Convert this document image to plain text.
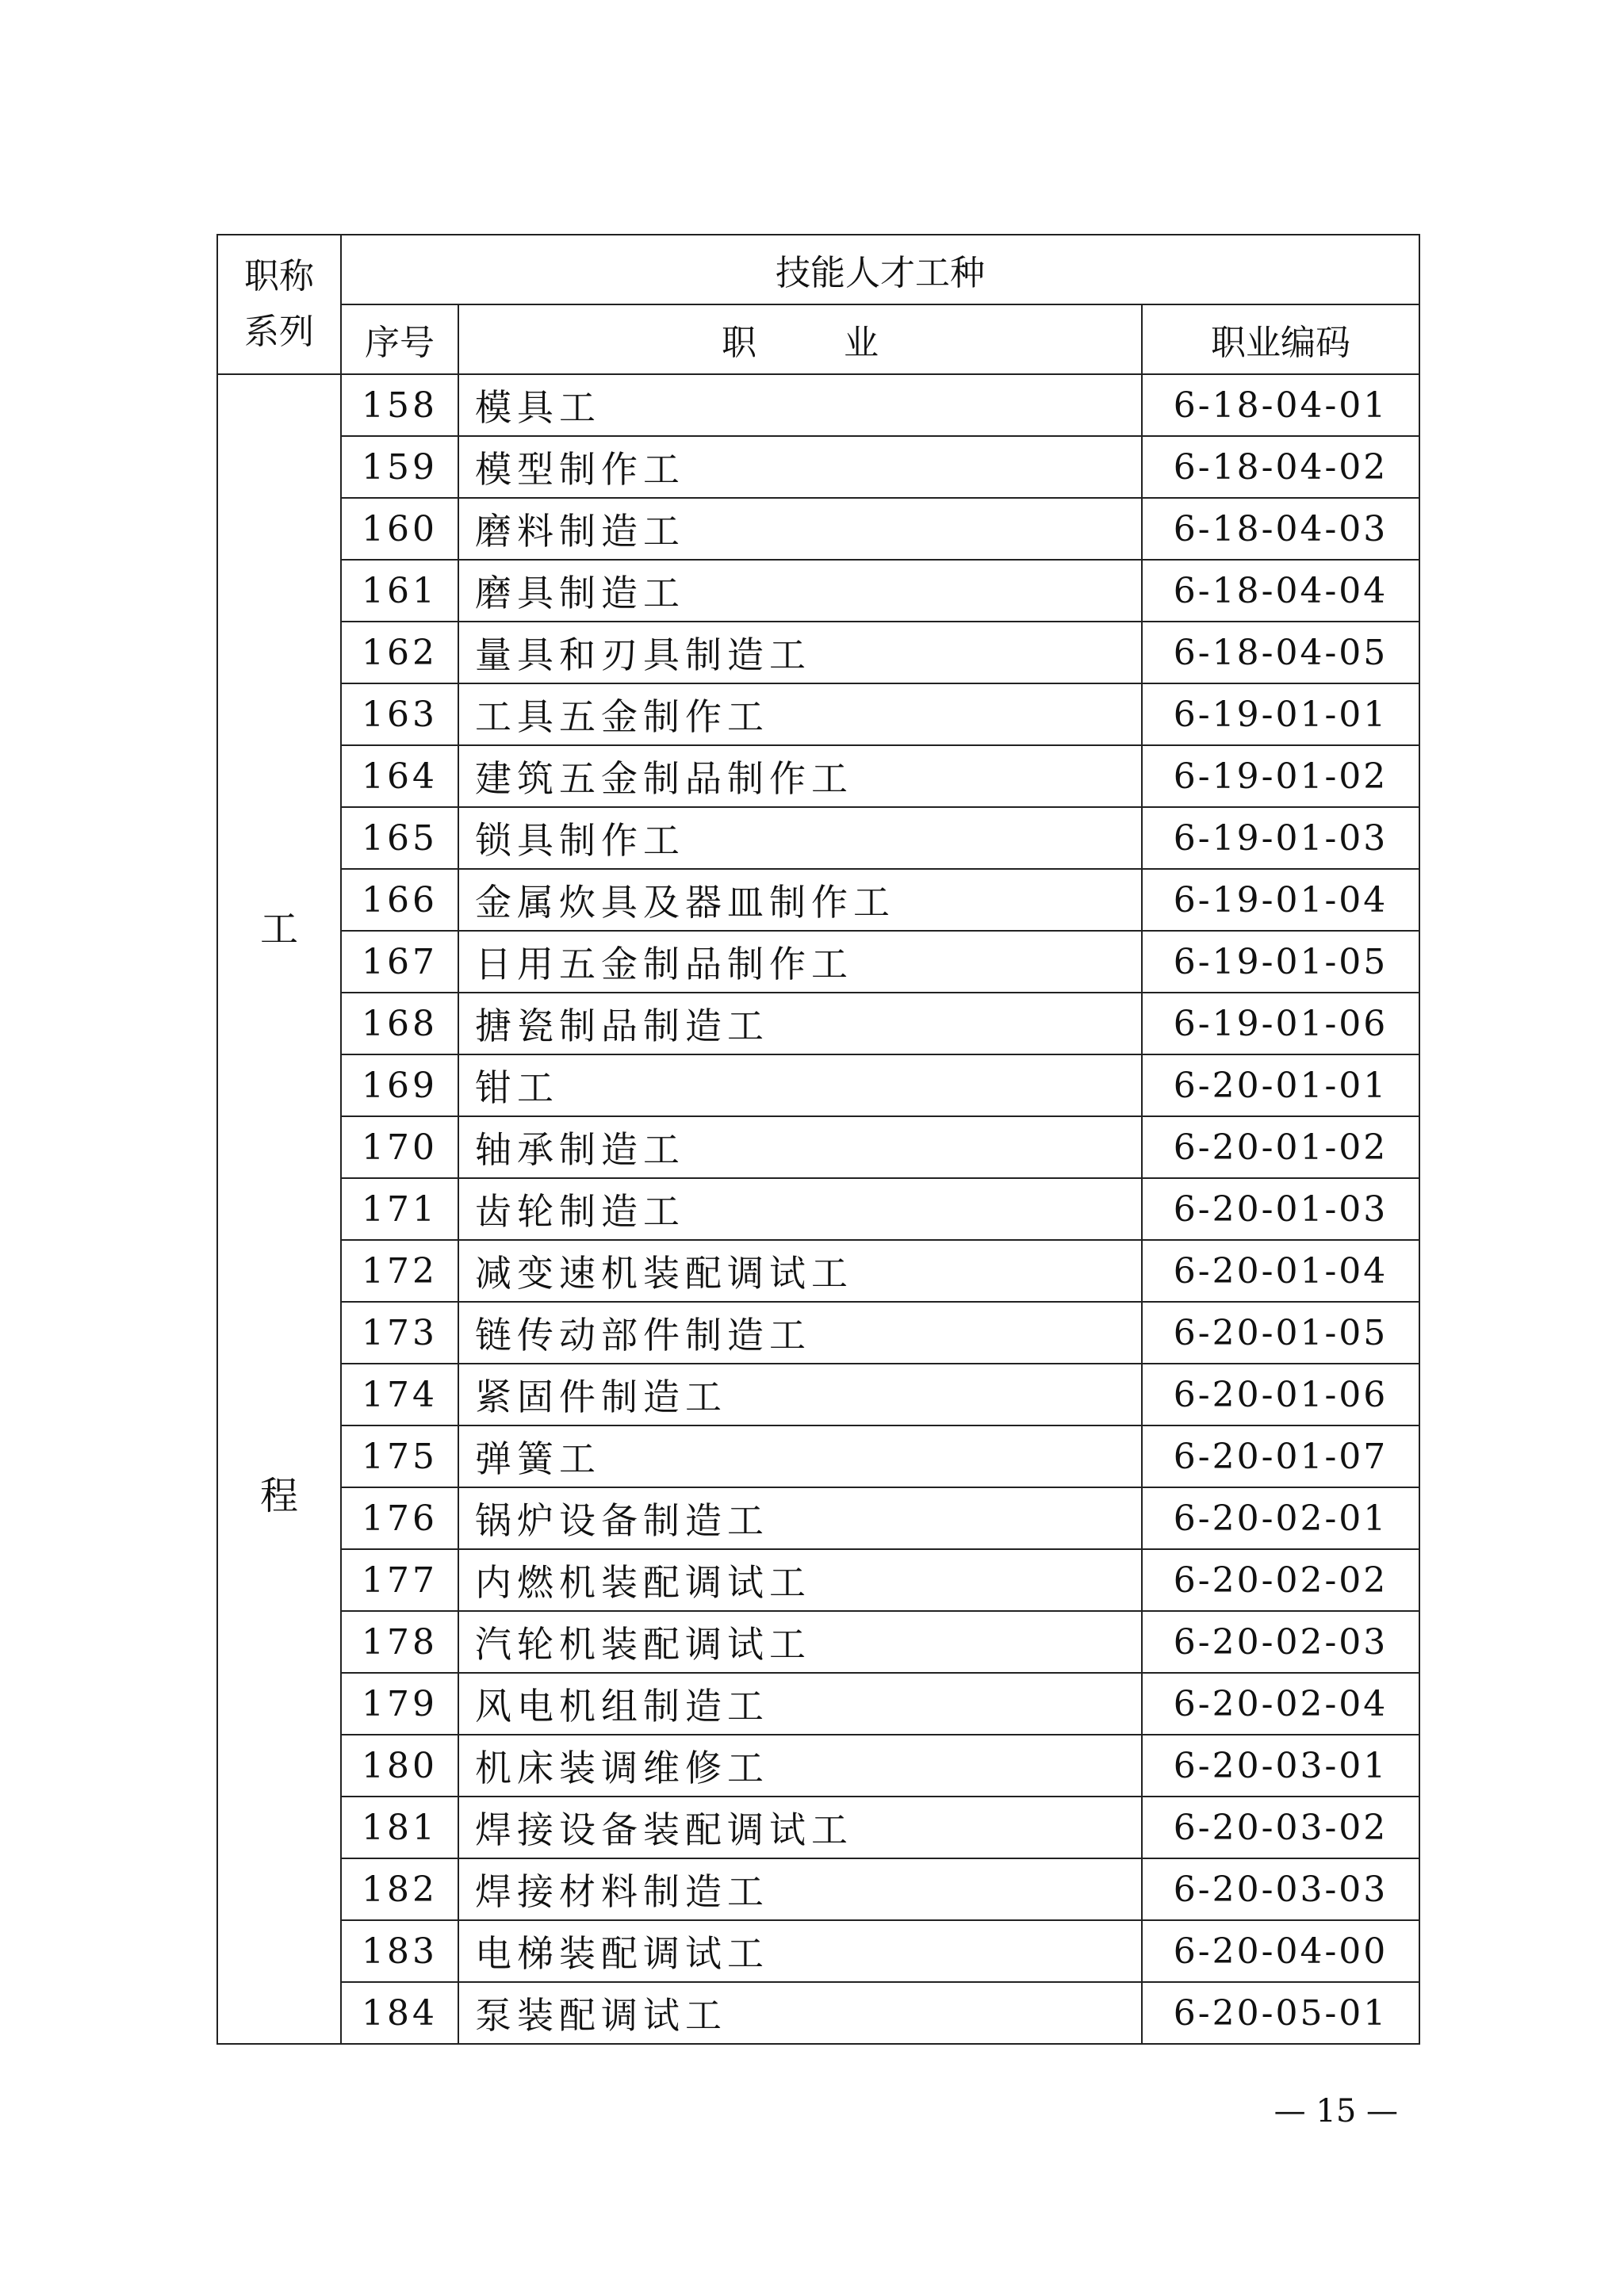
职称
系列	技能人才工种		
	序号	职业	职业编码

工
程	158	模具工	6-18-04-01
	159	模型制作工	6-18-04-02
	160	磨料制造工	6-18-04-03
	161	磨具制造工	6-18-04-04
	162	量具和刃具制造工	6-18-04-05
	163	工具五金制作工	6-19-01-01
	164	建筑五金制品制作工	6-19-01-02
	165	锁具制作工	6-19-01-03
	166	金属炊具及器皿制作工	6-19-01-04
	167	日用五金制品制作工	6-19-01-05
	168	搪瓷制品制造工	6-19-01-06
	169	钳工	6-20-01-01
	170	轴承制造工	6-20-01-02
	171	齿轮制造工	6-20-01-03
	172	减变速机装配调试工	6-20-01-04
	173	链传动部件制造工	6-20-01-05
	174	紧固件制造工	6-20-01-06
	175	弹簧工	6-20-01-07
	176	锅炉设备制造工	6-20-02-01
	177	内燃机装配调试工	6-20-02-02
	178	汽轮机装配调试工	6-20-02-03
	179	风电机组制造工	6-20-02-04
	180	机床装调维修工	6-20-03-01
	181	焊接设备装配调试工	6-20-03-02
	182	焊接材料制造工	6-20-03-03
	183	电梯装配调试工	6-20-04-00
	184	泵装配调试工	6-20-05-01
— 15 —
